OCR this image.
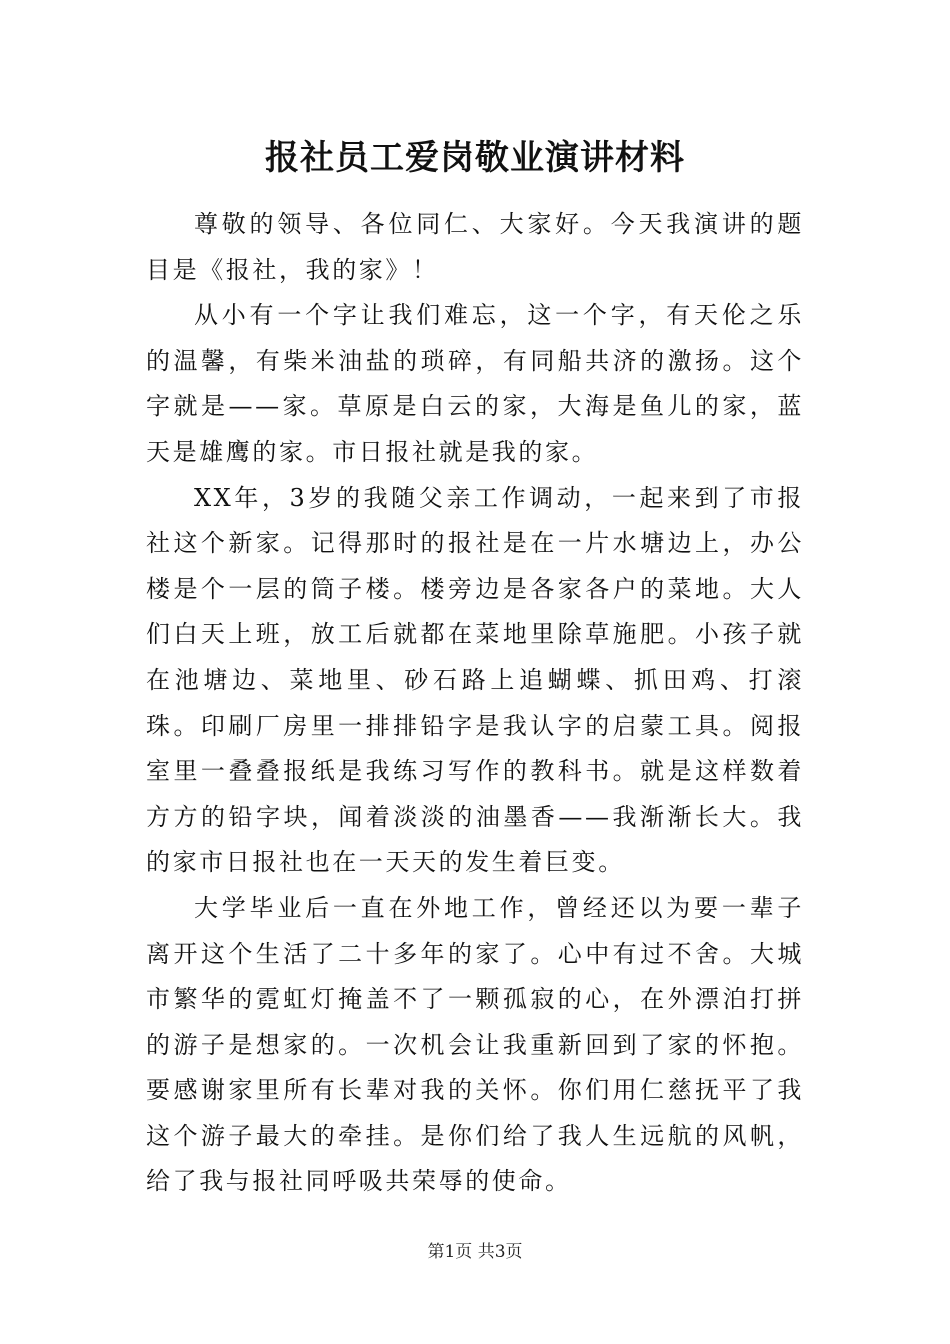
报社员工爱岗敬业演讲材料

尊敬的领导、各位同仁、大家好。今天我演讲的题目是《报社，我的家》！

从小有一个字让我们难忘，这一个字，有天伦之乐的温馨，有柴米油盐的琐碎，有同船共济的激扬。这个字就是——家。草原是白云的家，大海是鱼儿的家，蓝天是雄鹰的家。市日报社就是我的家。

XX年，3岁的我随父亲工作调动，一起来到了市报社这个新家。记得那时的报社是在一片水塘边上，办公楼是个一层的筒子楼。楼旁边是各家各户的菜地。大人们白天上班，放工后就都在菜地里除草施肥。小孩子就在池塘边、菜地里、砂石路上追蝴蝶、抓田鸡、打滚珠。印刷厂房里一排排铅字是我认字的启蒙工具。阅报室里一叠叠报纸是我练习写作的教科书。就是这样数着方方的铅字块，闻着淡淡的油墨香——我渐渐长大。我的家市日报社也在一天天的发生着巨变。

大学毕业后一直在外地工作，曾经还以为要一辈子离开这个生活了二十多年的家了。心中有过不舍。大城市繁华的霓虹灯掩盖不了一颗孤寂的心，在外漂泊打拼的游子是想家的。一次机会让我重新回到了家的怀抱。要感谢家里所有长辈对我的关怀。你们用仁慈抚平了我这个游子最大的牵挂。是你们给了我人生远航的风帆，给了我与报社同呼吸共荣辱的使命。

第1页 共3页
